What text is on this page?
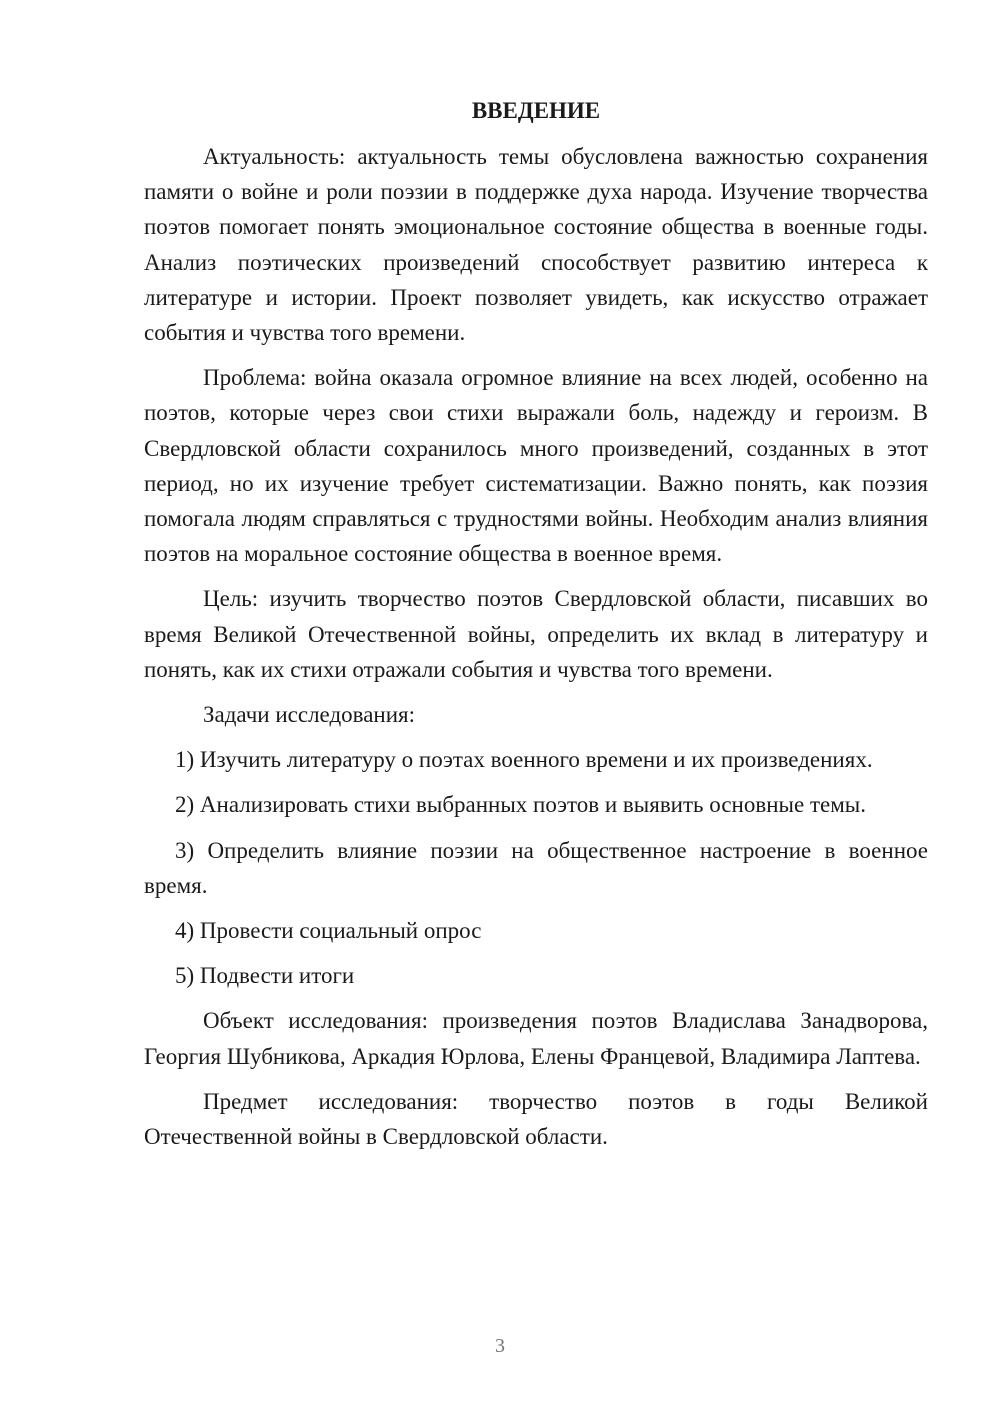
ВВЕДЕНИЕ

Актуальность: актуальность темы обусловлена важностью сохранения памяти о войне и роли поэзии в поддержке духа народа. Изучение творчества поэтов помогает понять эмоциональное состояние общества в военные годы. Анализ поэтических произведений способствует развитию интереса к литературе и истории. Проект позволяет увидеть, как искусство отражает события и чувства того времени.

Проблема: война оказала огромное влияние на всех людей, особенно на поэтов, которые через свои стихи выражали боль, надежду и героизм. В Свердловской области сохранилось много произведений, созданных в этот период, но их изучение требует систематизации. Важно понять, как поэзия помогала людям справляться с трудностями войны. Необходим анализ влияния поэтов на моральное состояние общества в военное время.

Цель: изучить творчество поэтов Свердловской области, писавших во время Великой Отечественной войны, определить их вклад в литературу и понять, как их стихи отражали события и чувства того времени.

Задачи исследования:

1) Изучить литературу о поэтах военного времени и их произведениях.

2) Анализировать стихи выбранных поэтов и выявить основные темы.

3) Определить влияние поэзии на общественное настроение в военное время.

4) Провести социальный опрос

5) Подвести итоги

Объект исследования: произведения поэтов Владислава Занадворова, Георгия Шубникова, Аркадия Юрлова, Елены Францевой, Владимира Лаптева.

Предмет исследования: творчество поэтов в годы Великой Отечественной войны в Свердловской области.

3
